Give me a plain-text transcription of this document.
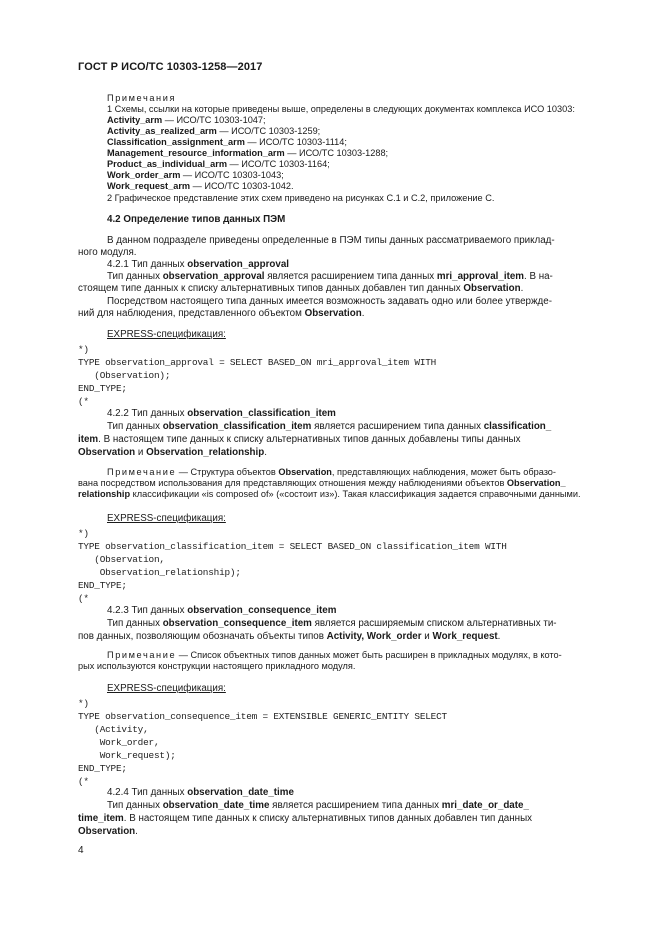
ГОСТ Р ИСО/ТС 10303-1258—2017
Примечания
1 Схемы, ссылки на которые приведены выше, определены в следующих документах комплекса ИСО 10303:
Activity_arm — ИСО/ТС 10303-1047;
Activity_as_realized_arm — ИСО/ТС 10303-1259;
Classification_assignment_arm — ИСО/ТС 10303-1114;
Management_resource_information_arm — ИСО/ТС 10303-1288;
Product_as_individual_arm — ИСО/ТС 10303-1164;
Work_order_arm — ИСО/ТС 10303-1043;
Work_request_arm — ИСО/ТС 10303-1042.
2 Графическое представление этих схем приведено на рисунках С.1 и С.2, приложение С.
4.2 Определение типов данных ПЭМ
В данном подразделе приведены определенные в ПЭМ типы данных рассматриваемого приклад-
ного модуля.
4.2.1 Тип данных observation_approval
Тип данных observation_approval является расширением типа данных mri_approval_item. В на-
стоящем типе данных к списку альтернативных типов данных добавлен тип данных Observation.
Посредством настоящего типа данных имеется возможность задавать одно или более утвержде-
ний для наблюдения, представленного объектом Observation.
EXPRESS-спецификация:
*)
TYPE observation_approval = SELECT BASED_ON mri_approval_item WITH
(Observation);
END_TYPE;
(*
4.2.2 Тип данных observation_classification_item
Тип данных observation_classification_item является расширением типа данных classification_
item. В настоящем типе данных к списку альтернативных типов данных добавлены типы данных
Observation и Observation_relationship.
Примечание — Структура объектов Observation, представляющих наблюдения, может быть образо-
вана посредством использования для представляющих отношения между наблюдениями объектов Observation_
relationship классификации «is composed of» («состоит из»). Такая классификация задается справочными данными.
EXPRESS-спецификация:
*)
TYPE observation_classification_item = SELECT BASED_ON classification_item WITH
(Observation,
Observation_relationship);
END_TYPE;
(*
4.2.3 Тип данных observation_consequence_item
Тип данных observation_consequence_item является расширяемым списком альтернативных ти-
пов данных, позволяющим обозначать объекты типов Activity, Work_order и Work_request.
Примечание — Список объектных типов данных может быть расширен в прикладных модулях, в кото-
рых используются конструкции настоящего прикладного модуля.
EXPRESS-спецификация:
*)
TYPE observation_consequence_item = EXTENSIBLE GENERIC_ENTITY SELECT
(Activity,
Work_order,
Work_request);
END_TYPE;
(*
4.2.4 Тип данных observation_date_time
Тип данных observation_date_time является расширением типа данных mri_date_or_date_
time_item. В настоящем типе данных к списку альтернативных типов данных добавлен тип данных
Observation.
4
